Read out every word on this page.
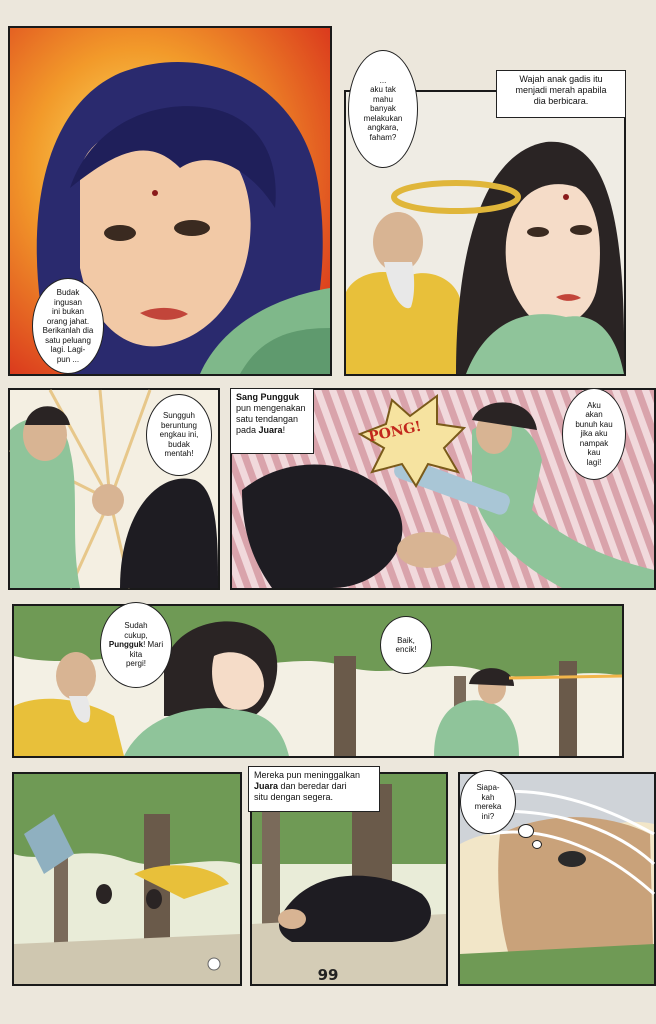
Budak
ingusan
ini bukan
orang jahat.
Berikanlah dia
satu peluang
lagi. Lagi-
pun ...
Wajah anak gadis itu
menjadi merah apabila
dia berbicara.
...
aku tak
mahu
banyak
melakukan
angkara,
faham?
Sungguh
beruntung
engkau ini,
budak
mentah!
PONG!
Sang Pungguk
pun mengenakan
satu tendangan
pada Juara!
Aku
akan
bunuh kau
jika aku
nampak
kau
lagi!
Sudah
cukup,
Pungguk! Mari kita
pergi!
Baik,
encik!
Mereka pun meninggalkan
Juara dan beredar dari
situ dengan segera.
Siapa-
kah
mereka
ini?
99
